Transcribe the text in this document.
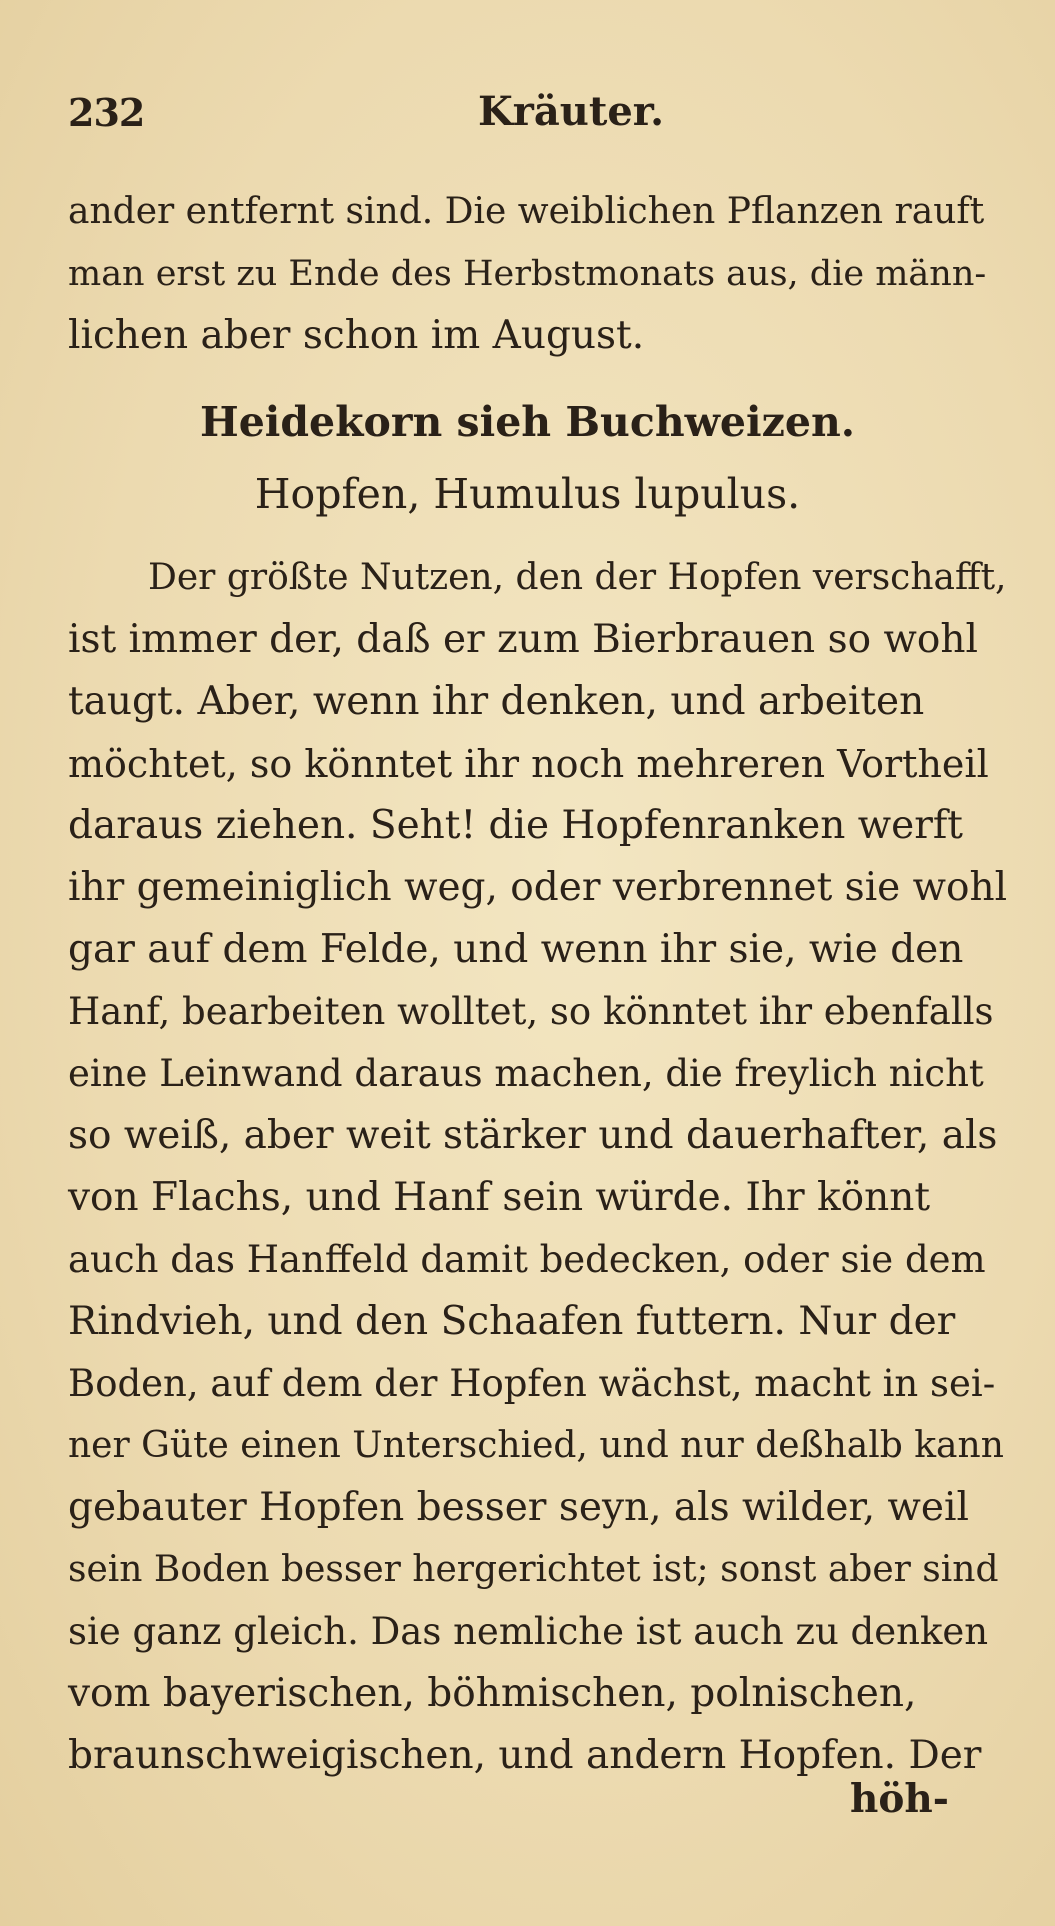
232	Kräuter.
ander entfernt sind. Die weiblichen Pflanzen rauft
man erst zu Ende des Herbstmonats aus, die männ-
lichen aber schon im August.
Heidekorn sieh Buchweizen.
Hopfen, Humulus lupulus.
Der größte Nutzen, den der Hopfen verschafft,
ist immer der, daß er zum Bierbrauen so wohl
taugt. Aber, wenn ihr denken, und arbeiten
möchtet, so könntet ihr noch mehreren Vortheil
daraus ziehen. Seht! die Hopfenranken werft
ihr gemeiniglich weg, oder verbrennet sie wohl
gar auf dem Felde, und wenn ihr sie, wie den
Hanf, bearbeiten wolltet, so könntet ihr ebenfalls
eine Leinwand daraus machen, die freylich nicht
so weiß, aber weit stärker und dauerhafter, als
von Flachs, und Hanf sein würde. Ihr könnt
auch das Hanffeld damit bedecken, oder sie dem
Rindvieh, und den Schaafen futtern. Nur der
Boden, auf dem der Hopfen wächst, macht in sei-
ner Güte einen Unterschied, und nur deßhalb kann
gebauter Hopfen besser seyn, als wilder, weil
sein Boden besser hergerichtet ist; sonst aber sind
sie ganz gleich. Das nemliche ist auch zu denken
vom bayerischen, böhmischen, polnischen,
braunschweigischen, und andern Hopfen. Der
höh-
